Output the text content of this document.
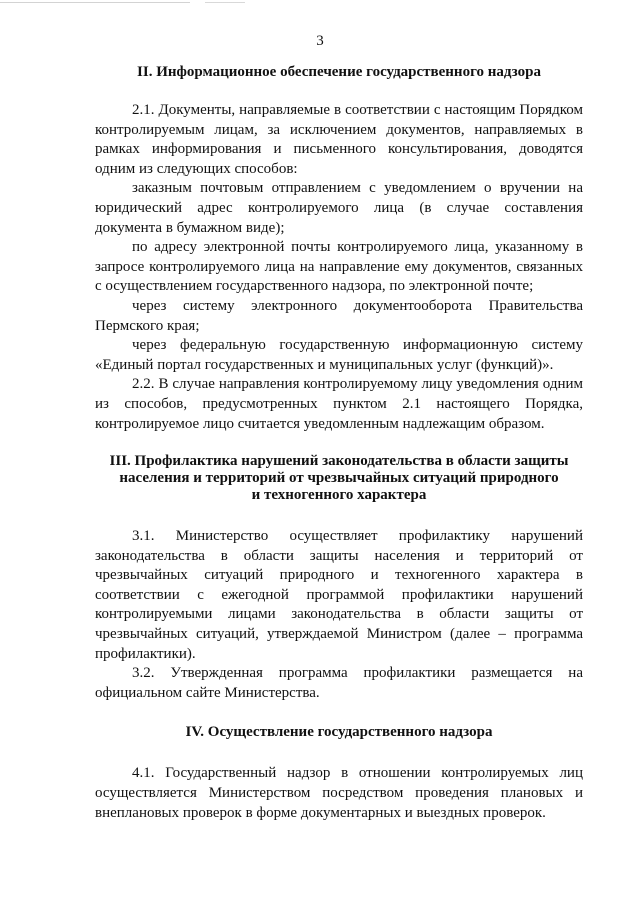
3
II. Информационное обеспечение государственного надзора

2.1. Документы, направляемые в соответствии с настоящим Порядком контролируемым лицам, за исключением документов, направляемых в рамках информирования и письменного консультирования, доводятся одним из следующих способов:

заказным почтовым отправлением с уведомлением о вручении на юридический адрес контролируемого лица (в случае составления документа в бумажном виде);

по адресу электронной почты контролируемого лица, указанному в запросе контролируемого лица на направление ему документов, связанных с осуществлением государственного надзора, по электронной почте;

через систему электронного документооборота Правительства Пермского края;

через федеральную государственную информационную систему «Единый портал государственных и муниципальных услуг (функций)».

2.2. В случае направления контролируемому лицу уведомления одним из способов, предусмотренных пунктом 2.1 настоящего Порядка, контролируемое лицо считается уведомленным надлежащим образом.

III. Профилактика нарушений законодательства в области защиты
населения и территорий от чрезвычайных ситуаций природного
и техногенного характера

3.1. Министерство осуществляет профилактику нарушений законодательства в области защиты населения и территорий от чрезвычайных ситуаций природного и техногенного характера в соответствии с ежегодной программой профилактики нарушений контролируемыми лицами законодательства в области защиты от чрезвычайных ситуаций, утверждаемой Министром (далее – программа профилактики).

3.2. Утвержденная программа профилактики размещается на официальном сайте Министерства.

IV. Осуществление государственного надзора

4.1. Государственный надзор в отношении контролируемых лиц осуществляется Министерством посредством проведения плановых и внеплановых проверок в форме документарных и выездных проверок.
